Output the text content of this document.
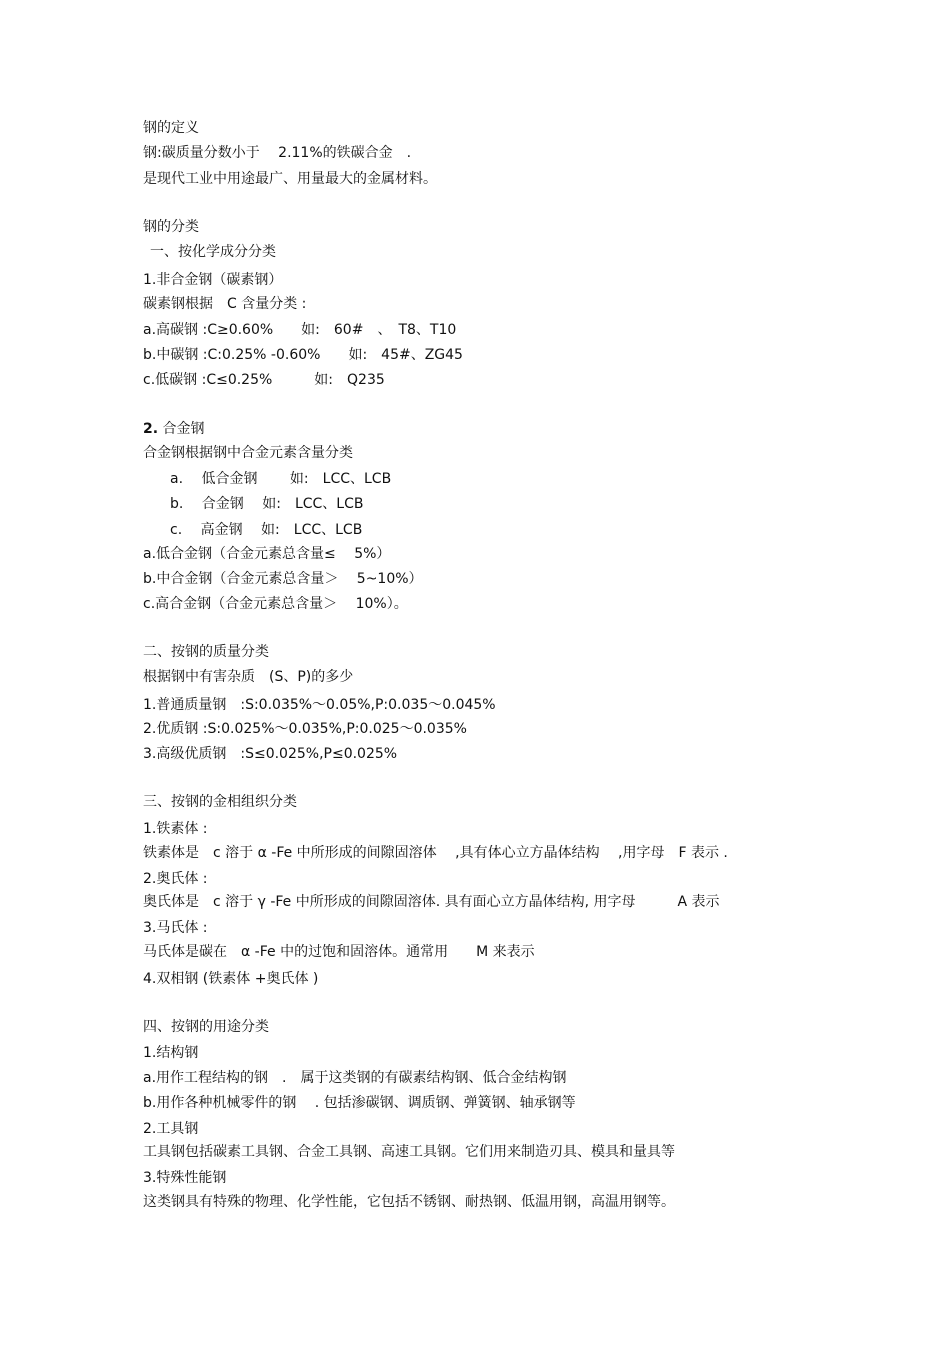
钢的定义
钢:碳质量分数小于　 2.11%的铁碳合金　.
是现代工业中用途最广、用量最大的金属材料。
钢的分类
一、按化学成分分类
1.非合金钢（碳素钢）
碳素钢根据　C 含量分类 :
a.高碳钢 :C≥0.60%　　如:　60#　、　T8、T10
b.中碳钢 :C:0.25% -0.60%　　如:　45#、ZG45
c.低碳钢 :C≤0.25%　　　如:　Q235
2. 合金钢
合金钢根据钢中合金元素含量分类
a.　 低合金钢　　 如:　LCC、LCB
b.　 合金钢　 如:　LCC、LCB
c.　 高金钢　 如:　LCC、LCB
a.低合金钢（合金元素总含量≤　 5%）
b.中合金钢（合金元素总含量＞　 5~10%）
c.高合金钢（合金元素总含量＞　 10%）。
二、按钢的质量分类
根据钢中有害杂质　(S、P)的多少
1.普通质量钢　:S:0.035%～0.05%,P:0.035～0.045%
2.优质钢 :S:0.025%～0.035%,P:0.025～0.035%
3.高级优质钢　:S≤0.025%,P≤0.025%
三、按钢的金相组织分类
1.铁素体 :
铁素体是　c 溶于 α -Fe 中所形成的间隙固溶体　 ,具有体心立方晶体结构　 ,用字母　F 表示 .
2.奥氏体 :
奥氏体是　c 溶于 γ -Fe 中所形成的间隙固溶体. 具有面心立方晶体结构, 用字母　　　A 表示
3.马氏体 :
马氏体是碳在　α -Fe 中的过饱和固溶体。通常用　　M 来表示
4.双相钢 (铁素体 +奥氏体 )
四、按钢的用途分类
1.结构钢
a.用作工程结构的钢　.　属于这类钢的有碳素结构钢、低合金结构钢
b.用作各种机械零件的钢　 . 包括渗碳钢、调质钢、弹簧钢、轴承钢等
2.工具钢
工具钢包括碳素工具钢、合金工具钢、高速工具钢。它们用来制造刃具、模具和量具等
3.特殊性能钢
这类钢具有特殊的物理、化学性能，它包括不锈钢、耐热钢、低温用钢，高温用钢等。
